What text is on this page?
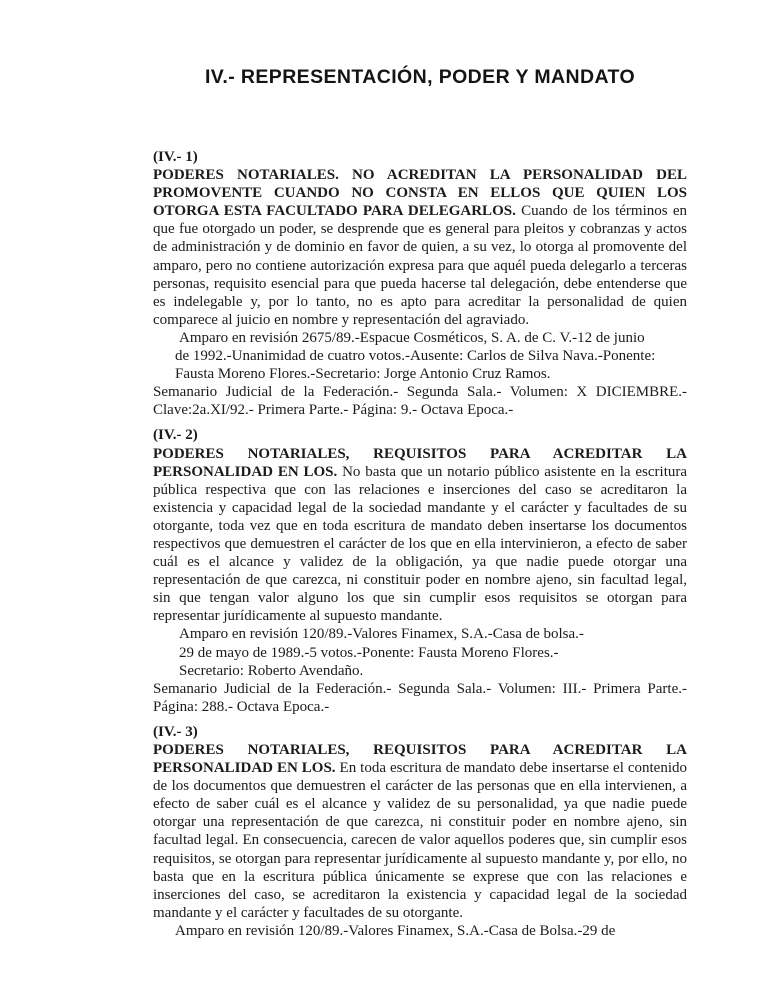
IV.- REPRESENTACIÓN, PODER Y MANDATO
(IV.- 1)

PODERES NOTARIALES. NO ACREDITAN LA PERSONALIDAD DEL PROMOVENTE CUANDO NO CONSTA EN ELLOS QUE QUIEN LOS OTORGA ESTA FACULTADO PARA DELEGARLOS. Cuando de los términos en que fue otorgado un poder, se desprende que es general para pleitos y cobranzas y actos de administración y de dominio en favor de quien, a su vez, lo otorga al promovente del amparo, pero no contiene autorización expresa para que aquél pueda delegarlo a terceras personas, requisito esencial para que pueda hacerse tal delegación, debe entenderse que es indelegable y, por lo tanto, no es apto para acreditar la personalidad de quien comparece al juicio en nombre y representación del agraviado.

Amparo en revisión 2675/89.-Espacue Cosméticos, S. A. de C. V.-12 de junio
de 1992.-Unanimidad de cuatro votos.-Ausente: Carlos de Silva Nava.-Ponente:
Fausta Moreno Flores.-Secretario: Jorge Antonio Cruz Ramos.

Semanario Judicial de la Federación.- Segunda Sala.- Volumen: X DICIEMBRE.- Clave:2a.XI/92.- Primera Parte.- Página: 9.- Octava Epoca.-

(IV.- 2)

PODERES NOTARIALES, REQUISITOS PARA ACREDITAR LA PERSONALIDAD EN LOS. No basta que un notario público asistente en la escritura pública respectiva que con las relaciones e inserciones del caso se acreditaron la existencia y capacidad legal de la sociedad mandante y el carácter y facultades de su otorgante, toda vez que en toda escritura de mandato deben insertarse los documentos respectivos que demuestren el carácter de los que en ella intervinieron, a efecto de saber cuál es el alcance y validez de la obligación, ya que nadie puede otorgar una representación de que carezca, ni constituir poder en nombre ajeno, sin facultad legal, sin que tengan valor alguno los que sin cumplir esos requisitos se otorgan para representar jurídicamente al supuesto mandante.

Amparo en revisión 120/89.-Valores Finamex, S.A.-Casa de bolsa.-
29 de mayo de 1989.-5 votos.-Ponente: Fausta Moreno Flores.-
Secretario: Roberto Avendaño.

Semanario Judicial de la Federación.- Segunda Sala.- Volumen: III.- Primera Parte.- Página: 288.- Octava Epoca.-

(IV.- 3)

PODERES NOTARIALES, REQUISITOS PARA ACREDITAR LA PERSONALIDAD EN LOS. En toda escritura de mandato debe insertarse el contenido de los documentos que demuestren el carácter de las personas que en ella intervienen, a efecto de saber cuál es el alcance y validez de su personalidad, ya que nadie puede otorgar una representación de que carezca, ni constituir poder en nombre ajeno, sin facultad legal. En consecuencia, carecen de valor aquellos poderes que, sin cumplir esos requisitos, se otorgan para representar jurídicamente al supuesto mandante y, por ello, no basta que en la escritura pública únicamente se exprese que con las relaciones e inserciones del caso, se acreditaron la existencia y capacidad legal de la sociedad mandante y el carácter y facultades de su otorgante.

Amparo en revisión 120/89.-Valores Finamex, S.A.-Casa de Bolsa.-29 de
